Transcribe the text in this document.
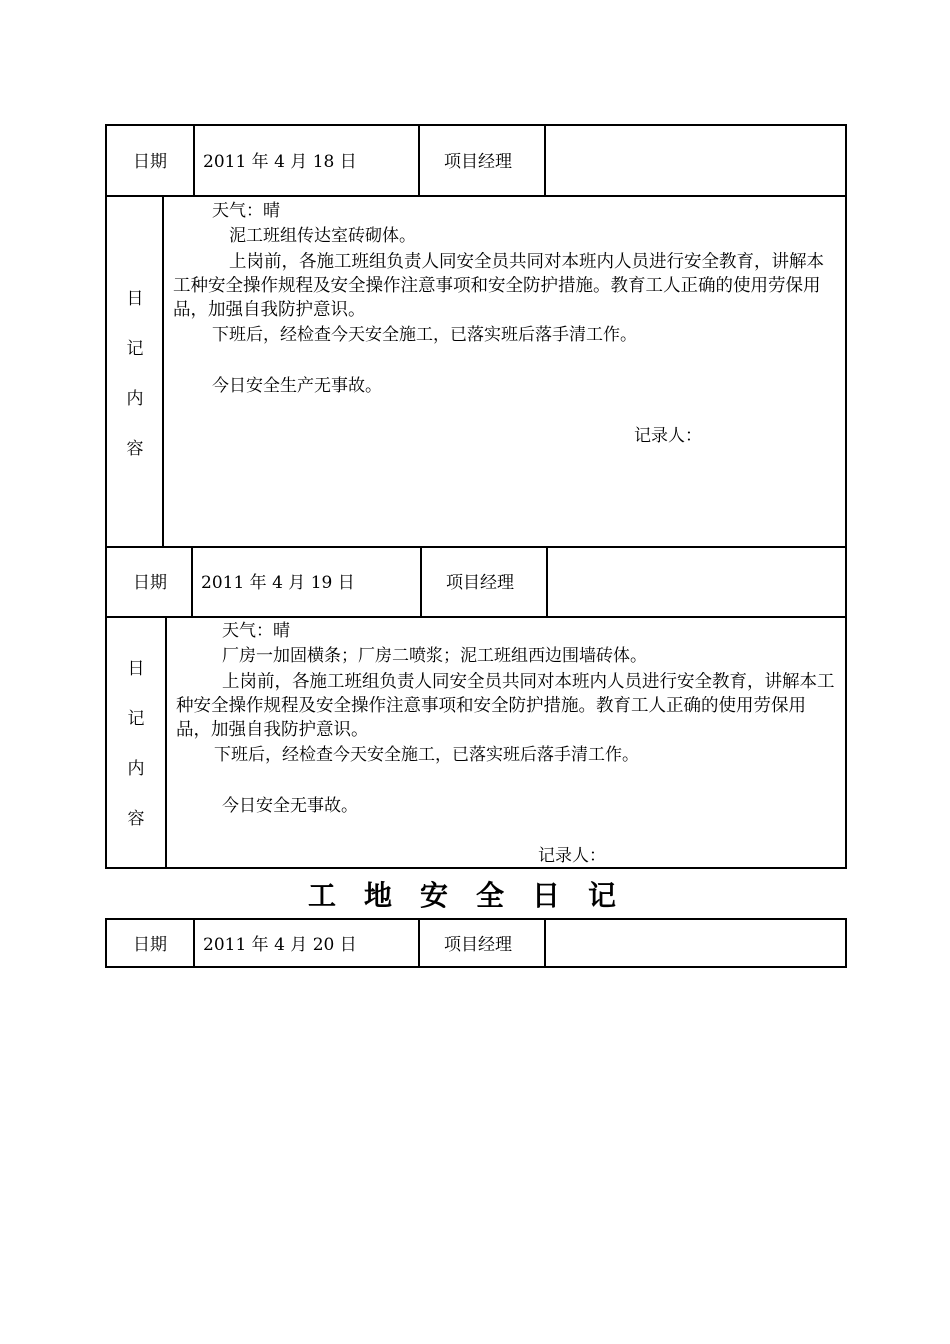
日期 2011 年 4 月 18 日	项目经理
日
记
内
容
天气：晴
泥工班组传达室砖砌体。
上岗前，各施工班组负责人同安全员共同对本班内人员进行安全教育，讲解本工种安全操作规程及安全操作注意事项和安全防护措施。教育工人正确的使用劳保用品，加强自我防护意识。
下班后，经检查今天安全施工，已落实班后落手清工作。
今日安全生产无事故。
记录人：
日期 2011 年 4 月 19 日	项目经理
日
记
内
容
天气：晴
厂房一加固横条；厂房二喷浆；泥工班组西边围墙砖体。
上岗前，各施工班组负责人同安全员共同对本班内人员进行安全教育，讲解本工种安全操作规程及安全操作注意事项和安全防护措施。教育工人正确的使用劳保用品，加强自我防护意识。
下班后，经检查今天安全施工，已落实班后落手清工作。
今日安全无事故。
记录人：
工地安全日记
日期 2011 年 4 月 20 日	项目经理
